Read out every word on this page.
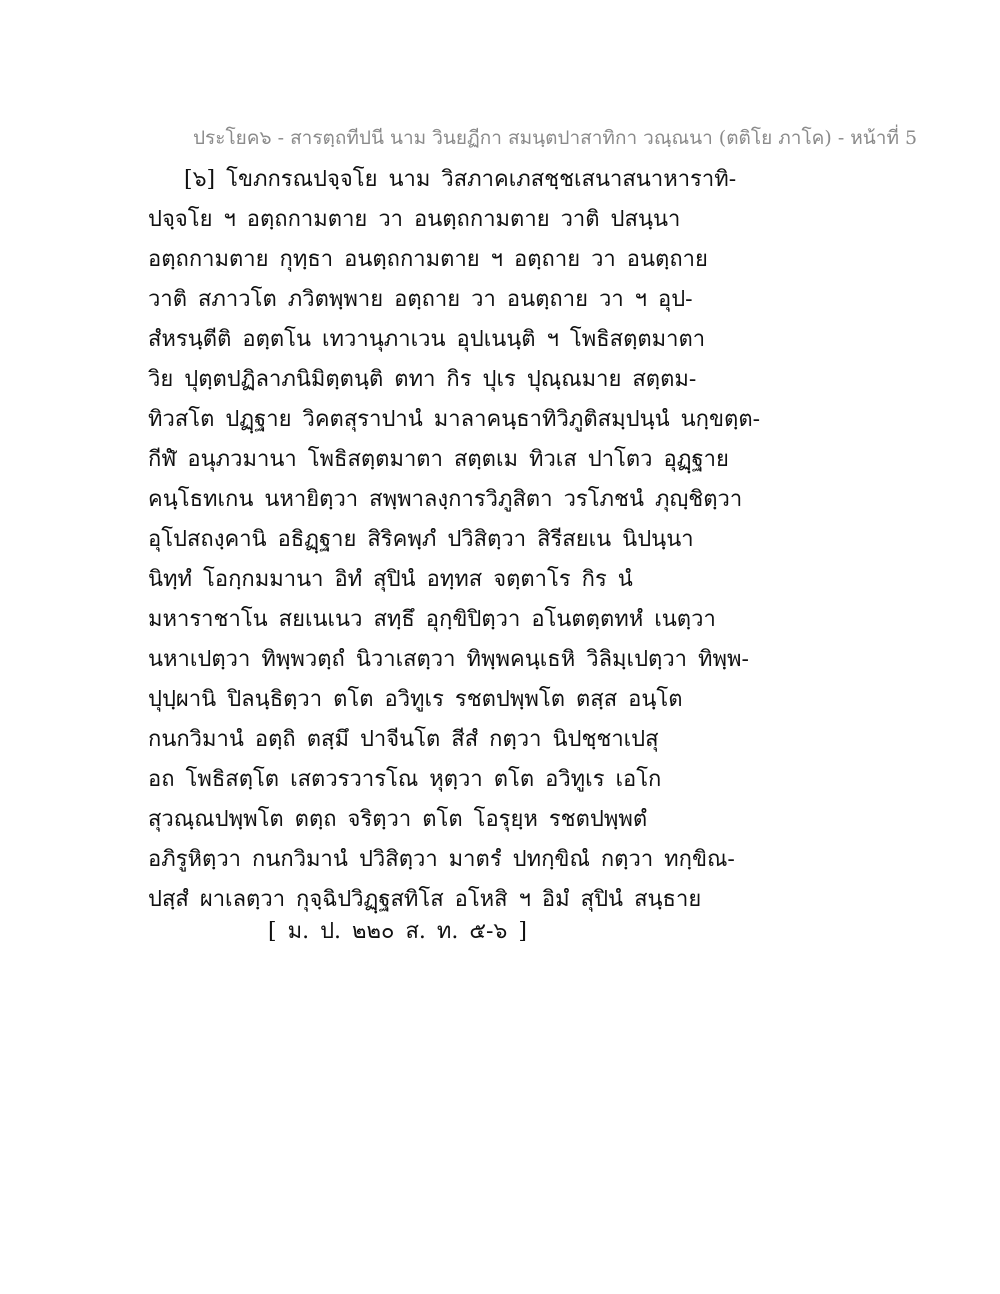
ประโยค๖ - สารตฺถทีปนี นาม วินยฏีกา สมนฺตปาสาทิกา วณฺณนา (ตติโย ภาโค) - หน้าที่ 5
[๖] โขภกรณปจฺจโย นาม วิสภาคเภสชฺชเสนาสนาหาราทิ-
ปจฺจโย ฯ อตฺถกามตาย วา อนตฺถกามตาย วาติ ปสนฺนา
อตฺถกามตาย กุทฺธา อนตฺถกามตาย ฯ อตฺถาย วา อนตฺถาย
วาติ สภาวโต ภวิตพฺพาย อตฺถาย วา อนตฺถาย วา ฯ อุป-
สํหรนฺตีติ อตฺตโน เทวานุภาเวน อุปเนนฺติ ฯ โพธิสตฺตมาตา
วิย ปุตฺตปฏิลาภนิมิตฺตนฺติ ตทา กิร ปุเร ปุณฺณมาย สตฺตม-
ทิวสโต ปฏฺฐาย วิคตสุราปานํ มาลาคนฺธาทิวิภูติสมฺปนฺนํ นกฺขตฺต-
กีฬํ อนุภวมานา โพธิสตฺตมาตา สตฺตเม ทิวเส ปาโตว อุฏฺฐาย
คนฺโธทเกน นหายิตฺวา สพฺพาลงฺการวิภูสิตา วรโภชนํ ภุญฺชิตฺวา
อุโปสถงฺคานิ อธิฏฺฐาย สิริคพฺภํ ปวิสิตฺวา สิรีสยเน นิปนฺนา
นิทฺทํ โอกฺกมมานา อิทํ สุปินํ อทฺทส จตฺตาโร กิร นํ
มหาราชาโน สยเนเนว สทฺธึ อุกฺขิปิตฺวา อโนตตฺตทหํ เนตฺวา
นหาเปตฺวา ทิพฺพวตฺถํ นิวาเสตฺวา ทิพฺพคนฺเธหิ วิลิมฺเปตฺวา ทิพฺพ-
ปุปฺผานิ ปิลนฺธิตฺวา ตโต อวิทูเร รชตปพฺพโต ตสฺส อนฺโต
กนกวิมานํ อตฺถิ ตสฺมึ ปาจีนโต สีสํ กตฺวา นิปชฺชาเปสุ
อถ โพธิสตฺโต เสตวรวารโณ หุตฺวา ตโต อวิทูเร เอโก
สุวณฺณปพฺพโต ตตฺถ จริตฺวา ตโต โอรุยฺห รชตปพฺพตํ
อภิรูหิตฺวา กนกวิมานํ ปวิสิตฺวา มาตรํ ปทกฺขิณํ กตฺวา ทกฺขิณ-
ปสฺสํ ผาเลตฺวา กุจฺฉิปวิฏฺฐสทิโส อโหสิ ฯ อิมํ สุปินํ สนฺธาย
[ ม. ป. ๒๒๐ ส. ท. ๕-๖ ]
